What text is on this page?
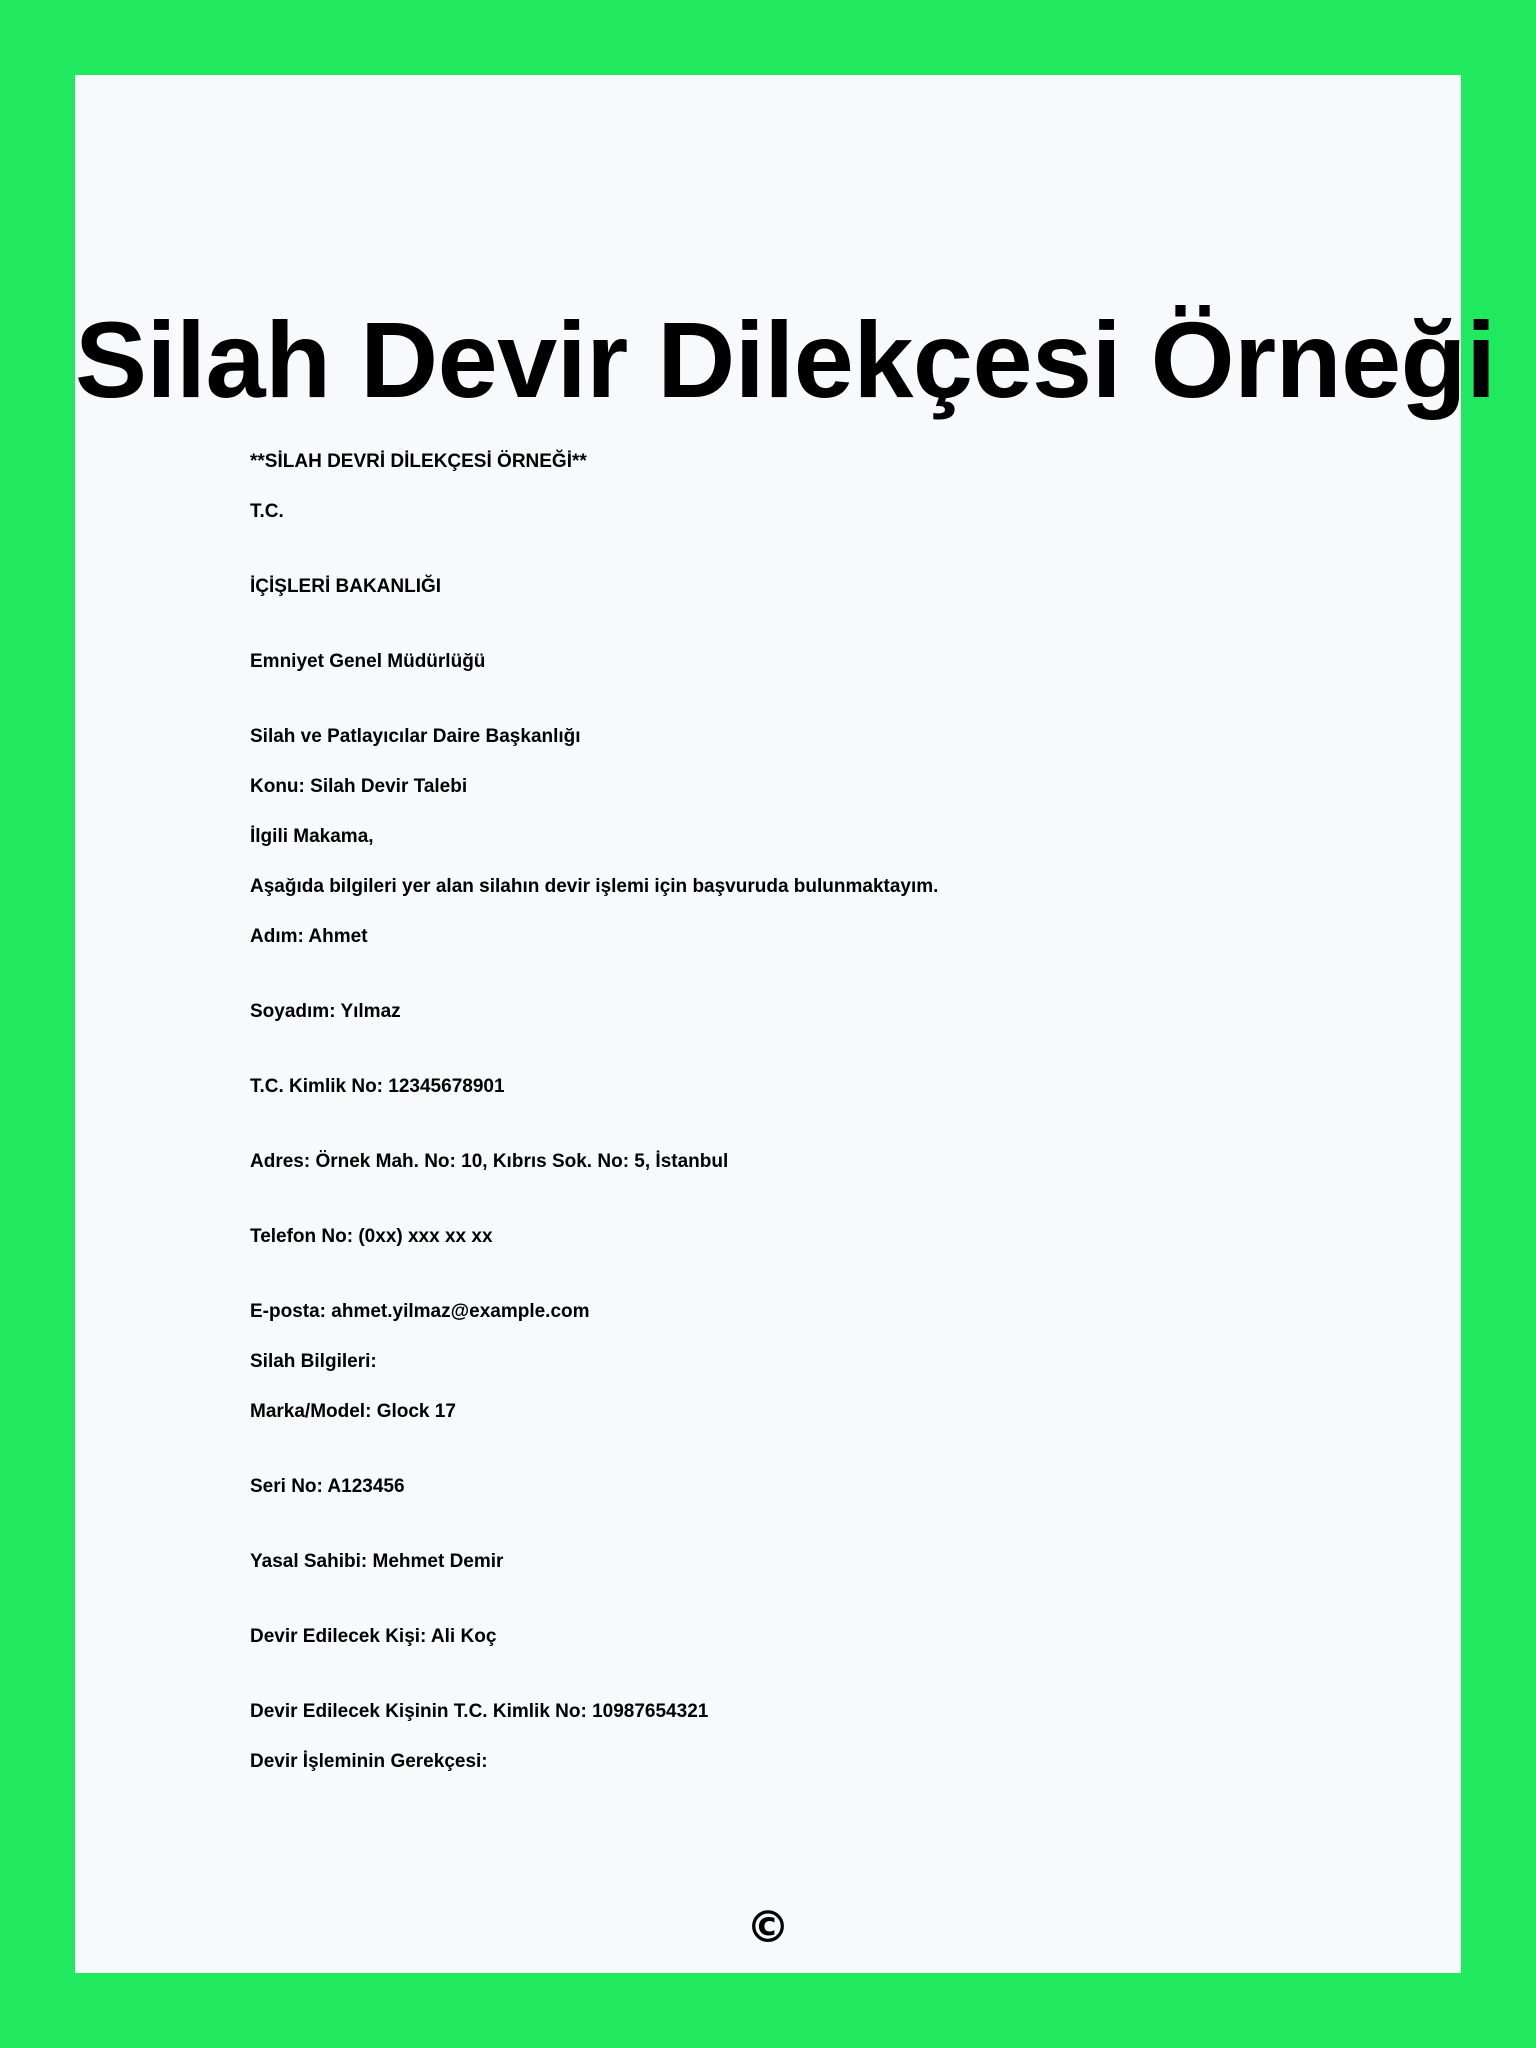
Silah Devir Dilekçesi Örneği

**SİLAH DEVRİ DİLEKÇESİ ÖRNEĞİ**

T.C.

İÇİŞLERİ BAKANLIĞI

Emniyet Genel Müdürlüğü

Silah ve Patlayıcılar Daire Başkanlığı

Konu: Silah Devir Talebi

İlgili Makama,

Aşağıda bilgileri yer alan silahın devir işlemi için başvuruda bulunmaktayım.

Adım: Ahmet

Soyadım: Yılmaz

T.C. Kimlik No: 12345678901

Adres: Örnek Mah. No: 10, Kıbrıs Sok. No: 5, İstanbul

Telefon No: (0xx) xxx xx xx

E-posta: ahmet.yilmaz@example.com

Silah Bilgileri:

Marka/Model: Glock 17

Seri No: A123456

Yasal Sahibi: Mehmet Demir

Devir Edilecek Kişi: Ali Koç

Devir Edilecek Kişinin T.C. Kimlik No: 10987654321

Devir İşleminin Gerekçesi:

©
